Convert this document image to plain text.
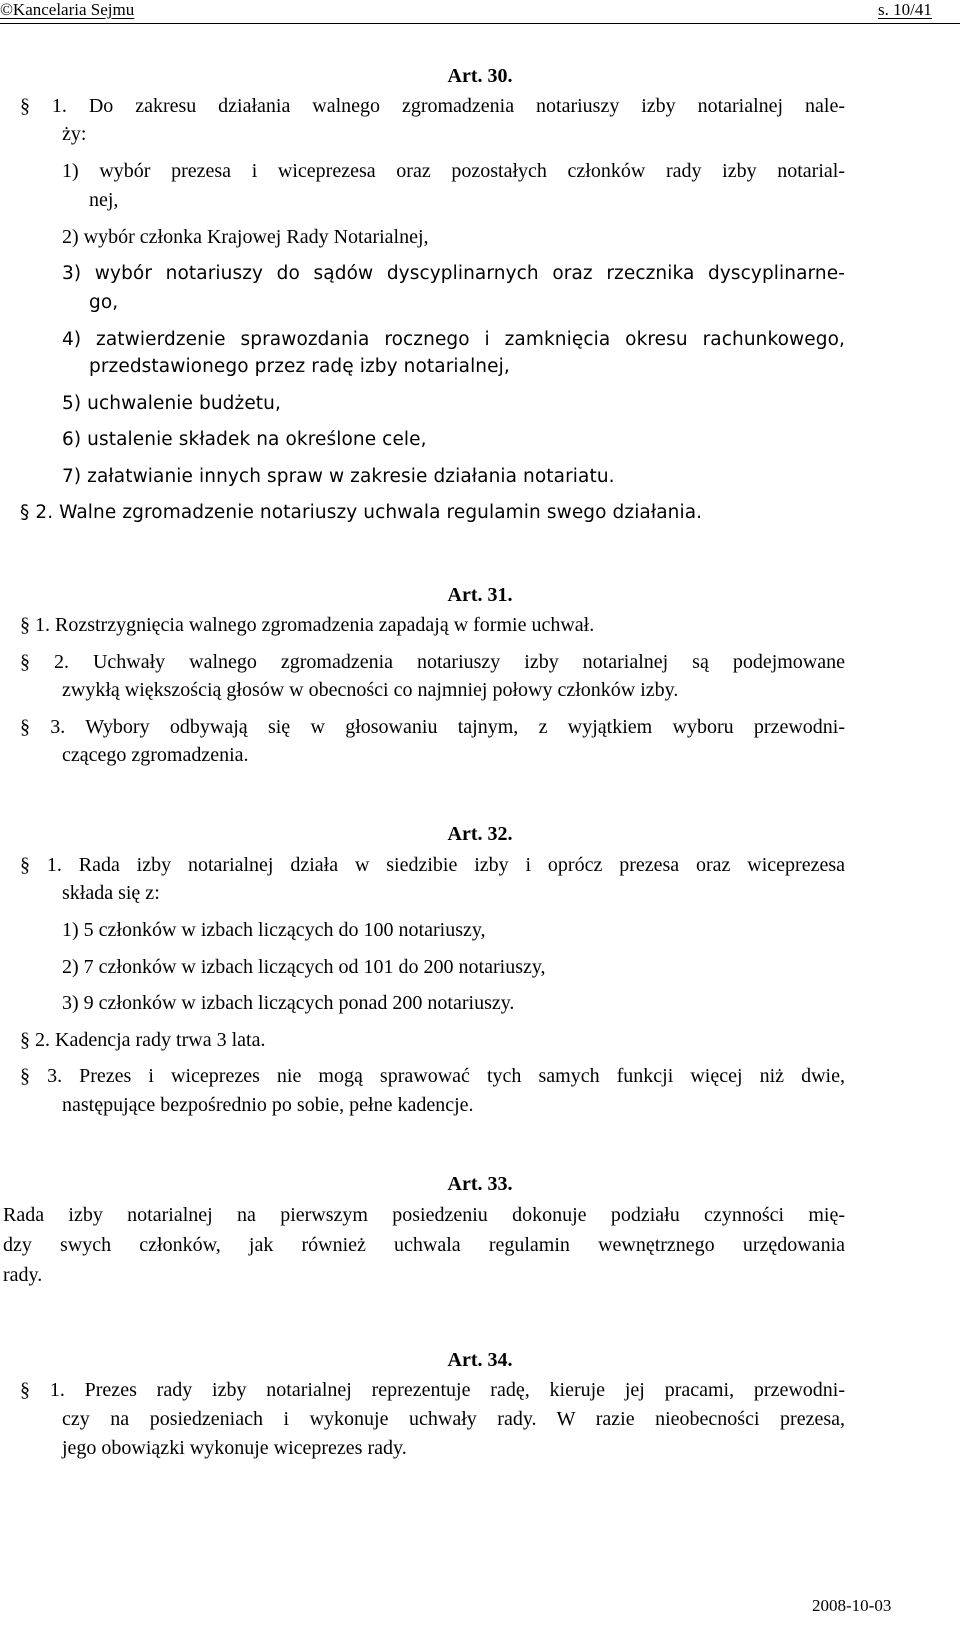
©Kancelaria Sejmu	s. 10/41
Art. 30.
§ 1. Do zakresu działania walnego zgromadzenia notariuszy izby notarialnej nale-
ży:
1) wybór prezesa i wiceprezesa oraz pozostałych członków rady izby notarial-
nej,
2) wybór członka Krajowej Rady Notarialnej,
3) wybór notariuszy do sądów dyscyplinarnych oraz rzecznika dyscyplinarne-
go,
4) zatwierdzenie sprawozdania rocznego i zamknięcia okresu rachunkowego,
przedstawionego przez radę izby notarialnej,
5) uchwalenie budżetu,
6) ustalenie składek na określone cele,
7) załatwianie innych spraw w zakresie działania notariatu.
§ 2. Walne zgromadzenie notariuszy uchwala regulamin swego działania.
Art. 31.
§ 1. Rozstrzygnięcia walnego zgromadzenia zapadają w formie uchwał.
§ 2. Uchwały walnego zgromadzenia notariuszy izby notarialnej są podejmowane
zwykłą większością głosów w obecności co najmniej połowy członków izby.
§ 3. Wybory odbywają się w głosowaniu tajnym, z wyjątkiem wyboru przewodni-
czącego zgromadzenia.
Art. 32.
§ 1. Rada izby notarialnej działa w siedzibie izby i oprócz prezesa oraz wiceprezesa
składa się z:
1) 5 członków w izbach liczących do 100 notariuszy,
2) 7 członków w izbach liczących od 101 do 200 notariuszy,
3) 9 członków w izbach liczących ponad 200 notariuszy.
§ 2. Kadencja rady trwa 3 lata.
§ 3. Prezes i wiceprezes nie mogą sprawować tych samych funkcji więcej niż dwie,
następujące bezpośrednio po sobie, pełne kadencje.
Art. 33.
Rada izby notarialnej na pierwszym posiedzeniu dokonuje podziału czynności mię-
dzy swych członków, jak również uchwala regulamin wewnętrznego urzędowania
rady.
Art. 34.
§ 1. Prezes rady izby notarialnej reprezentuje radę, kieruje jej pracami, przewodni-
czy na posiedzeniach i wykonuje uchwały rady. W razie nieobecności prezesa,
jego obowiązki wykonuje wiceprezes rady.
2008-10-03
